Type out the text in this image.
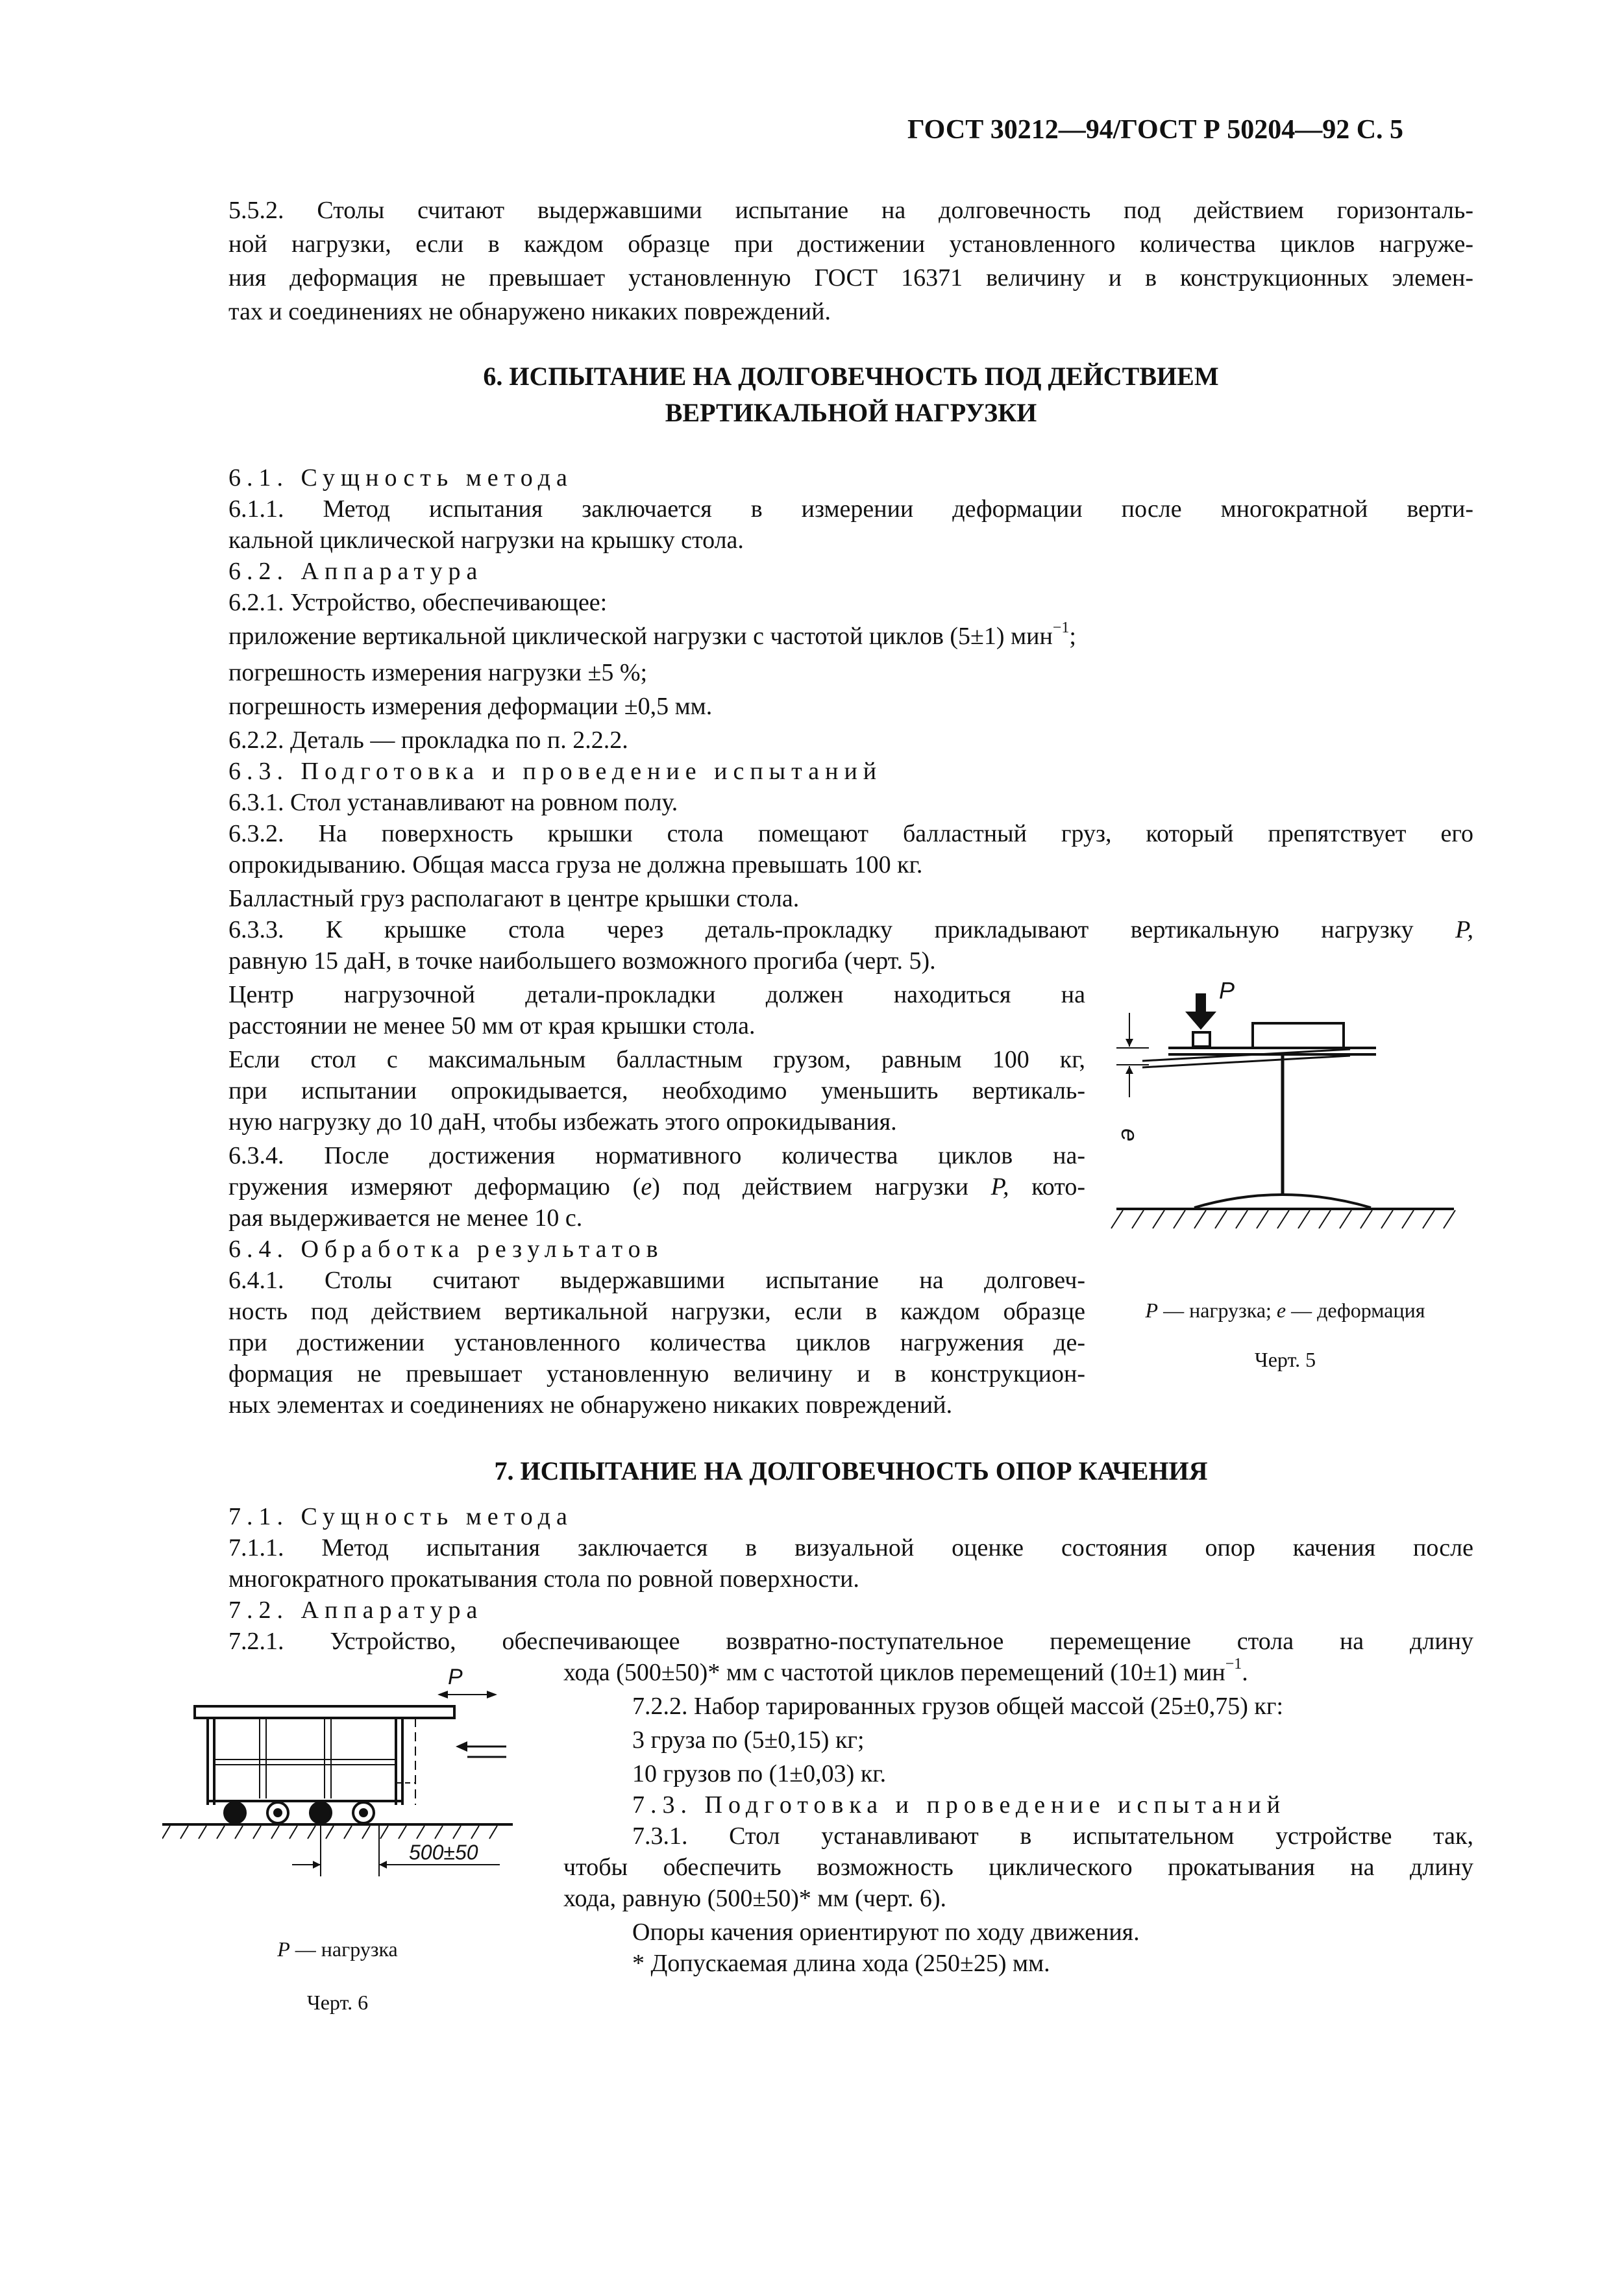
ГОСТ 30212—94/ГОСТ Р 50204—92 С. 5

5.5.2. Столы считают выдержавшими испытание на долговечность под действием горизонталь-

ной нагрузки, если в каждом образце при достижении установленного количества циклов нагруже-

ния деформация не превышает установленную ГОСТ 16371 величину и в конструкционных элемен-

тах и соединениях не обнаружено никаких повреждений.

6. ИСПЫТАНИЕ НА ДОЛГОВЕЧНОСТЬ ПОД ДЕЙСТВИЕМ
ВЕРТИКАЛЬНОЙ НАГРУЗКИ

6.1. Сущность метода

6.1.1. Метод испытания заключается в измерении деформации после многократной верти-

кальной циклической нагрузки на крышку стола.

6.2. Аппаратура

6.2.1. Устройство, обеспечивающее:

приложение вертикальной циклической нагрузки с частотой циклов (5±1) мин$^{-1}$;

погрешность измерения нагрузки ±5 %;

погрешность измерения деформации ±0,5 мм.

6.2.2. Деталь — прокладка по п. 2.2.2.

6.3. Подготовка и проведение испытаний

6.3.1. Стол устанавливают на ровном полу.

6.3.2. На поверхность крышки стола помещают балластный груз, который препятствует его

опрокидыванию. Общая масса груза не должна превышать 100 кг.

Балластный груз располагают в центре крышки стола.

6.3.3. К крышке стола через деталь-прокладку прикладывают вертикальную нагрузку P,

равную 15 даН, в точке наибольшего возможного прогиба (черт. 5).

Центр нагрузочной детали-прокладки должен находиться на

расстоянии не менее 50 мм от края крышки стола.

Если стол с максимальным балластным грузом, равным 100 кг,

при испытании опрокидывается, необходимо уменьшить вертикаль-

ную нагрузку до 10 даН, чтобы избежать этого опрокидывания.

6.3.4. После достижения нормативного количества циклов на-

гружения измеряют деформацию (e) под действием нагрузки P, кото-

рая выдерживается не менее 10 с.

6.4. Обработка результатов

6.4.1. Столы считают выдержавшими испытание на долговеч-

ность под действием вертикальной нагрузки, если в каждом образце

при достижении установленного количества циклов нагружения де-

формация не превышает установленную величину и в конструкцион-

ных элементах и соединениях не обнаружено никаких повреждений.

P
e
P — нагрузка; e — деформация
Черт. 5
7. ИСПЫТАНИЕ НА ДОЛГОВЕЧНОСТЬ ОПОР КАЧЕНИЯ

7.1. Сущность метода

7.1.1. Метод испытания заключается в визуальной оценке состояния опор качения после

многократного прокатывания стола по ровной поверхности.

7.2. Аппаратура

7.2.1. Устройство, обеспечивающее возвратно-поступательное перемещение стола на длину

хода (500±50)* мм с частотой циклов перемещений (10±1) мин$^{-1}$.

7.2.2. Набор тарированных грузов общей массой (25±0,75) кг:

3 груза по (5±0,15) кг;

10 грузов по (1±0,03) кг.

7.3. Подготовка и проведение испытаний

7.3.1. Стол устанавливают в испытательном устройстве так,

чтобы обеспечить возможность циклического прокатывания на длину

хода, равную (500±50)* мм (черт. 6).

Опоры качения ориентируют по ходу движения.

* Допускаемая длина хода (250±25) мм.

P
500±50
P — нагрузка
Черт. 6
